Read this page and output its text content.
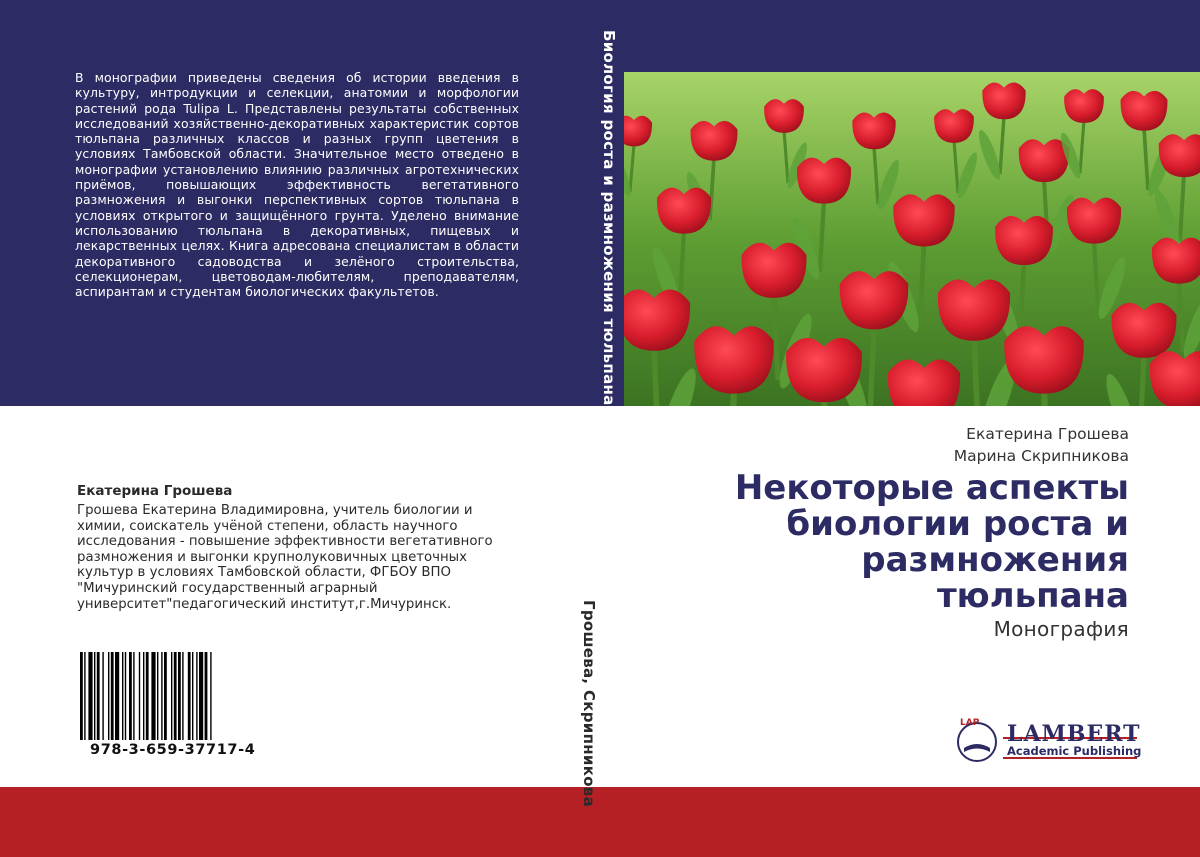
В монографии приведены сведения об истории введения в культуру, интродукции и селекции, анатомии и морфологии растений рода Tulipa L. Представлены результаты собственных исследований хозяйственно-декоративных характеристик сортов тюльпана различных классов и разных групп цветения в условиях Тамбовской области. Значительное место отведено в монографии установлению влиянию различных агротехнических приёмов, повышающих эффективность вегетативного размножения и выгонки перспективных сортов тюльпана в условиях открытого и защищённого грунта. Уделено внимание использованию тюльпана в декоративных, пищевых и лекарственных целях. Книга адресована специалистам в области декоративного садоводства и зелёного строительства, селекционерам, цветоводам-любителям, преподавателям, аспирантам и студентам биологических факультетов.	Биология роста и размножения тюльпана
Екатерина Грошева
Грошева Екатерина Владимировна, учитель биологии и химии, соискатель учёной степени, область научного исследования - повышение эффективности вегетативного размножения и выгонки крупнолуковичных цветочных культур в условиях Тамбовской области, ФГБОУ ВПО "Мичуринский государственный аграрный университет"педагогический институт,г.Мичуринск.
978-3-659-37717-4	Грошева, Скрипникова
Екатерина Грошева
Марина Скрипникова
Некоторые аспекты биологии роста и размножения тюльпана
Монография
LAP LAMBERT
Academic Publishing
